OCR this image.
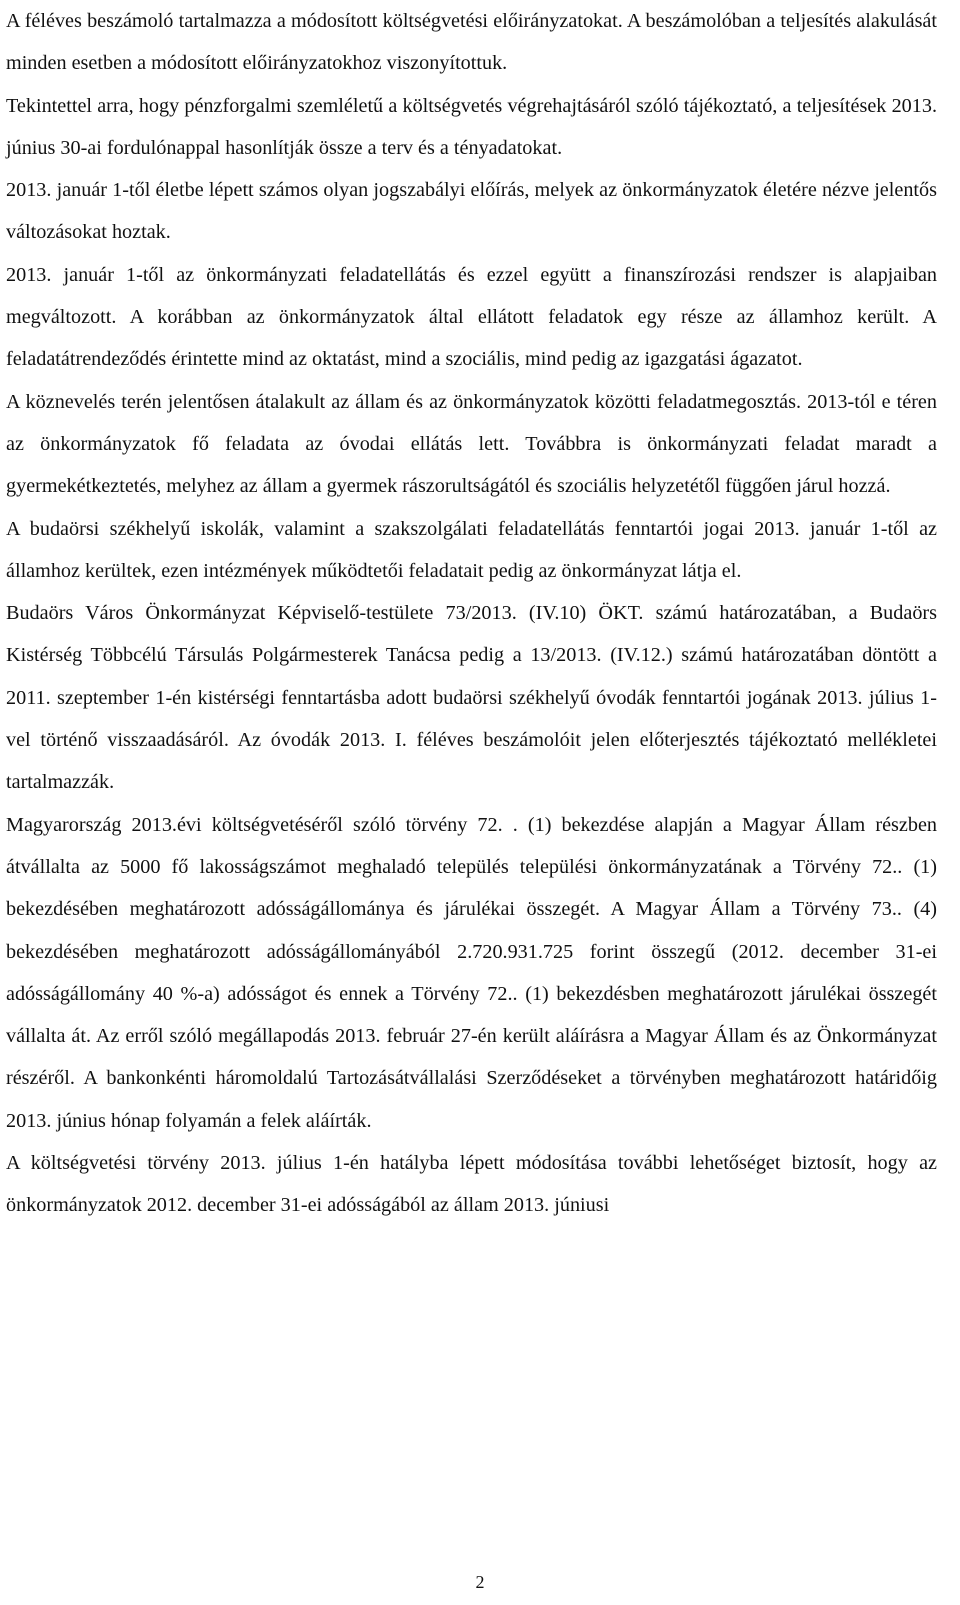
A féléves beszámoló tartalmazza a módosított költségvetési előirányzatokat. A beszámolóban a teljesítés alakulását minden esetben a módosított előirányzatokhoz viszonyítottuk.

Tekintettel arra, hogy pénzforgalmi szemléletű a költségvetés végrehajtásáról szóló tájékoztató, a teljesítések 2013. június 30-ai fordulónappal hasonlítják össze a terv és a tényadatokat.

2013. január 1-től életbe lépett számos olyan jogszabályi előírás, melyek az önkormányzatok életére nézve jelentős változásokat hoztak.

2013. január 1-től az önkormányzati feladatellátás és ezzel együtt a finanszírozási rendszer is alapjaiban megváltozott. A korábban az önkormányzatok által ellátott feladatok egy része az államhoz került. A feladatátrendeződés érintette mind az oktatást, mind a szociális, mind pedig az igazgatási ágazatot.

A köznevelés terén jelentősen átalakult az állam és az önkormányzatok közötti feladatmegosztás. 2013-tól e téren az önkormányzatok fő feladata az óvodai ellátás lett. Továbbra is önkormányzati feladat maradt a gyermekétkeztetés, melyhez az állam a gyermek rászorultságától és szociális helyzetétől függően járul hozzá.

A budaörsi székhelyű iskolák, valamint a szakszolgálati feladatellátás fenntartói jogai 2013. január 1-től az államhoz kerültek, ezen intézmények működtetői feladatait pedig az önkormányzat látja el.

Budaörs Város Önkormányzat Képviselő-testülete 73/2013. (IV.10) ÖKT. számú határozatában, a Budaörs Kistérség Többcélú Társulás Polgármesterek Tanácsa pedig a 13/2013. (IV.12.) számú határozatában döntött a 2011. szeptember 1-én kistérségi fenntartásba adott budaörsi székhelyű óvodák fenntartói jogának 2013. július 1-vel történő visszaadásáról. Az óvodák 2013. I. féléves beszámolóit jelen előterjesztés tájékoztató mellékletei tartalmazzák.

Magyarország 2013.évi költségvetéséről szóló törvény 72. . (1) bekezdése alapján a Magyar Állam részben átvállalta az 5000 fő lakosságszámot meghaladó település települési önkormányzatának a Törvény 72.. (1) bekezdésében meghatározott adósságállománya és járulékai összegét. A Magyar Állam a Törvény 73.. (4) bekezdésében meghatározott adósságállományából 2.720.931.725 forint összegű (2012. december 31-ei adósságállomány 40 %-a) adósságot és ennek a Törvény 72.. (1) bekezdésben meghatározott járulékai összegét vállalta át. Az erről szóló megállapodás 2013. február 27-én került aláírásra a Magyar Állam és az Önkormányzat részéről. A bankonkénti háromoldalú Tartozásátvállalási Szerződéseket a törvényben meghatározott határidőig 2013. június hónap folyamán a felek aláírták.

A költségvetési törvény 2013. július 1-én hatályba lépett módosítása további lehetőséget biztosít, hogy az önkormányzatok 2012. december 31-ei adósságából az állam 2013. júniusi

2
